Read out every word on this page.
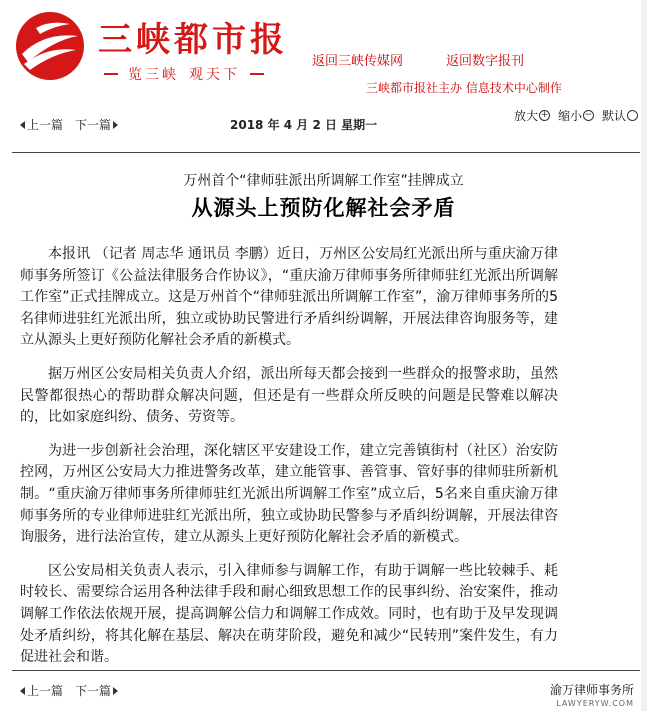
三峡都市报
览三峡 观天下
返回三峡传媒网	返回数字报刊
三峡都市报社主办 信息技术中心制作
上一篇 下一篇	2018 年 4 月 2 日 星期一
放大 + 缩小 − 默认
万州首个“律师驻派出所调解工作室”挂牌成立
从源头上预防化解社会矛盾

本报讯 （记者 周志华 通讯员 李鹏）近日，万州区公安局红光派出所与重庆渝万律师事务所签订《公益法律服务合作协议》，“重庆渝万律师事务所律师驻红光派出所调解工作室”正式挂牌成立。这是万州首个“律师驻派出所调解工作室”，渝万律师事务所的5名律师进驻红光派出所，独立或协助民警进行矛盾纠纷调解，开展法律咨询服务等，建立从源头上更好预防化解社会矛盾的新模式。

据万州区公安局相关负责人介绍，派出所每天都会接到一些群众的报警求助，虽然民警都很热心的帮助群众解决问题，但还是有一些群众所反映的问题是民警难以解决的，比如家庭纠纷、债务、劳资等。

为进一步创新社会治理，深化辖区平安建设工作，建立完善镇街村（社区）治安防控网，万州区公安局大力推进警务改革，建立能管事、善管事、管好事的律师驻所新机制。“重庆渝万律师事务所律师驻红光派出所调解工作室”成立后，5名来自重庆渝万律师事务所的专业律师进驻红光派出所，独立或协助民警参与矛盾纠纷调解，开展法律咨询服务，进行法治宣传，建立从源头上更好预防化解社会矛盾的新模式。

区公安局相关负责人表示，引入律师参与调解工作，有助于调解一些比较棘手、耗时较长、需要综合运用各种法律手段和耐心细致思想工作的民事纠纷、治安案件，推动调解工作依法依规开展，提高调解公信力和调解工作成效。同时，也有助于及早发现调处矛盾纠纷，将其化解在基层、解决在萌芽阶段，避免和减少“民转刑”案件发生，有力促进社会和谐。

上一篇 下一篇	渝万律师事务所
LAWYERYW.COM
